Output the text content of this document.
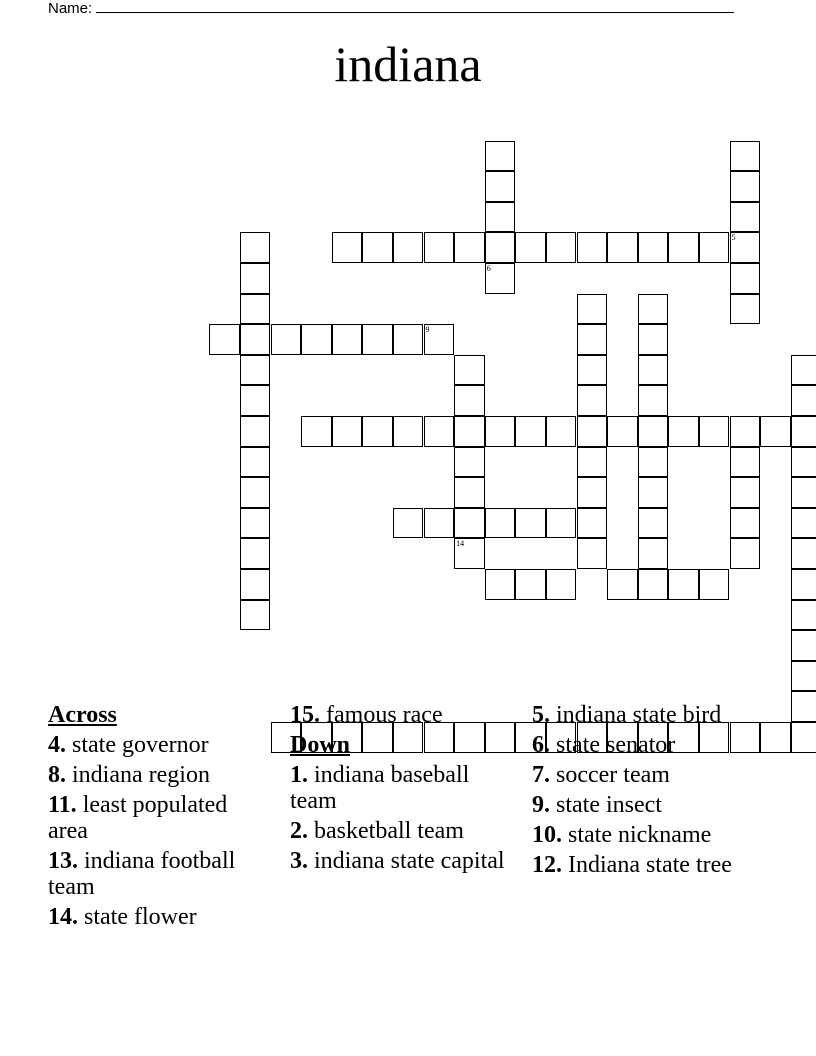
Name:
indiana
6
5
9
14
Across
4. state governor
8. indiana region
11. least populated area
13. indiana football team
14. state flower
15. famous race
Down
1. indiana baseball team
2. basketball team
3. indiana state capital
5. indiana state bird
6. state senator
7. soccer team
9. state insect
10. state nickname
12. Indiana state tree
